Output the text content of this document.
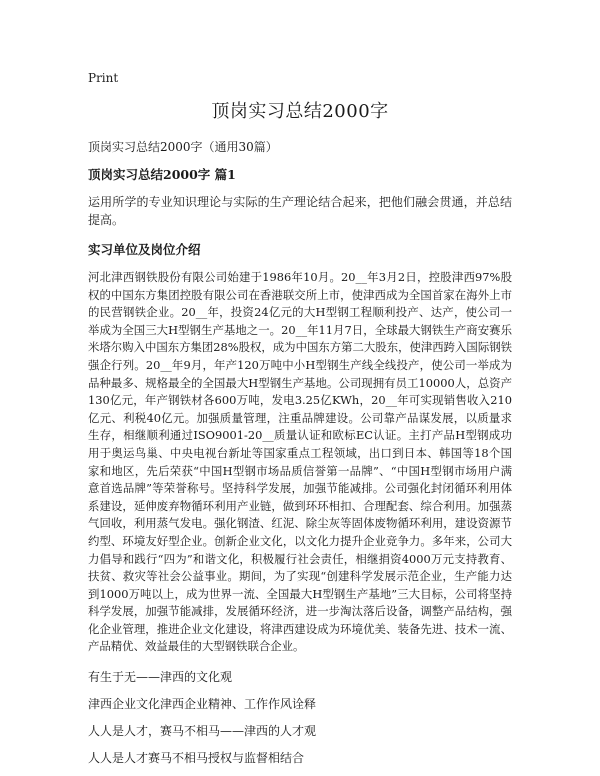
Print
顶岗实习总结2000字

顶岗实习总结2000字（通用30篇）

顶岗实习总结2000字 篇1

运用所学的专业知识理论与实际的生产理论结合起来，把他们融会贯通，并总结提高。

实习单位及岗位介绍

河北津西钢铁股份有限公司始建于1986年10月。20__年3月2日，控股津西97%股权的中国东方集团控股有限公司在香港联交所上市，使津西成为全国首家在海外上市的民营钢铁企业。20__年，投资24亿元的大H型钢工程顺利投产、达产，使公司一举成为全国三大H型钢生产基地之一。20__年11月7日，全球最大钢铁生产商安赛乐米塔尔购入中国东方集团28%股权，成为中国东方第二大股东，使津西跨入国际钢铁强企行列。20__年9月，年产120万吨中小H型钢生产线全线投产，使公司一举成为品种最多、规格最全的全国最大H型钢生产基地。公司现拥有员工10000人，总资产130亿元，年产钢铁材各600万吨，发电3.25亿KWh，20__年可实现销售收入210亿元、利税40亿元。加强质量管理，注重品牌建设。公司靠产品谋发展，以质量求生存，相继顺利通过ISO9001-20__质量认证和欧标EC认证。主打产品H型钢成功用于奥运鸟巢、中央电视台新址等国家重点工程领域，出口到日本、韩国等18个国家和地区，先后荣获“中国H型钢市场品质信誉第一品牌”、“中国H型钢市场用户满意首选品牌”等荣誉称号。坚持科学发展，加强节能减排。公司强化封闭循环利用体系建设，延伸废弃物循环利用产业链，做到环环相扣、合理配套、综合利用。加强蒸气回收，利用蒸气发电。强化钢渣、红泥、除尘灰等固体废物循环利用，建设资源节约型、环境友好型企业。创新企业文化，以文化力提升企业竞争力。多年来，公司大力倡导和践行“四为”和谐文化，积极履行社会责任，相继捐资4000万元支持教育、扶贫、救灾等社会公益事业。期间，为了实现“创建科学发展示范企业，生产能力达到1000万吨以上，成为世界一流、全国最大H型钢生产基地”三大目标，公司将坚持科学发展，加强节能减排，发展循环经济，进一步淘汰落后设备，调整产品结构，强化企业管理，推进企业文化建设，将津西建设成为环境优美、装备先进、技术一流、产品精优、效益最佳的大型钢铁联合企业。

有生于无——津西的文化观

津西企业文化津西企业精神、工作作风诠释

人人是人才，赛马不相马——津西的人才观

人人是人才赛马不相马授权与监督相结合
